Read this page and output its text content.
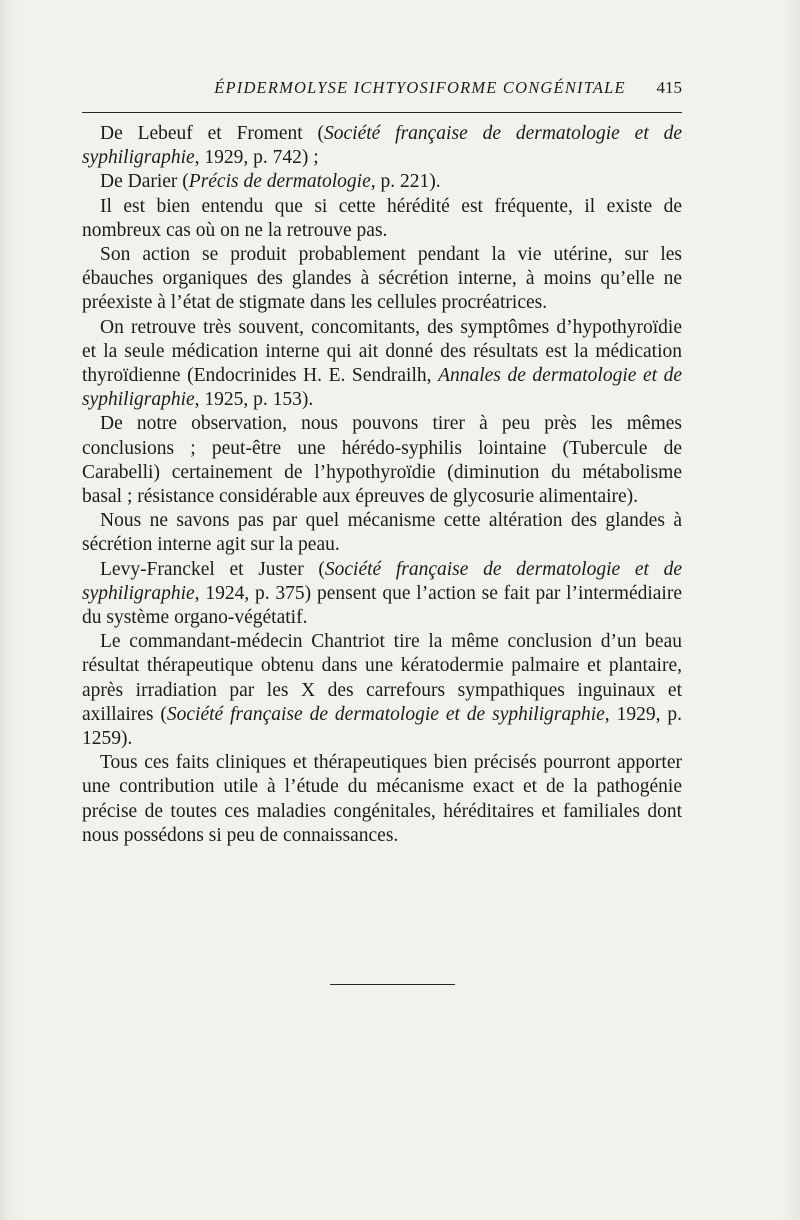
ÉPIDERMOLYSE ICHTYOSIFORME CONGÉNITALE	415

De Lebeuf et Froment (Société française de dermatologie et de syphiligraphie, 1929, p. 742) ;

De Darier (Précis de dermatologie, p. 221).

Il est bien entendu que si cette hérédité est fréquente, il existe de nombreux cas où on ne la retrouve pas.

Son action se produit probablement pendant la vie utérine, sur les ébauches organiques des glandes à sécrétion interne, à moins qu’elle ne préexiste à l’état de stigmate dans les cellules procréatrices.

On retrouve très souvent, concomitants, des symptômes d’hypothyroïdie et la seule médication interne qui ait donné des résultats est la médication thyroïdienne (Endocrinides H. E. Sendrailh, Annales de dermatologie et de syphiligraphie, 1925, p. 153).

De notre observation, nous pouvons tirer à peu près les mêmes conclusions ; peut-être une hérédo-syphilis lointaine (Tubercule de Carabelli) certainement de l’hypothyroïdie (diminution du métabolisme basal ; résistance considérable aux épreuves de glycosurie alimentaire).

Nous ne savons pas par quel mécanisme cette altération des glandes à sécrétion interne agit sur la peau.

Levy-Franckel et Juster (Société française de dermatologie et de syphiligraphie, 1924, p. 375) pensent que l’action se fait par l’intermédiaire du système organo-végétatif.

Le commandant-médecin Chantriot tire la même conclusion d’un beau résultat thérapeutique obtenu dans une kératodermie palmaire et plantaire, après irradiation par les X des carrefours sympathiques inguinaux et axillaires (Société française de dermatologie et de syphiligraphie, 1929, p. 1259).

Tous ces faits cliniques et thérapeutiques bien précisés pourront apporter une contribution utile à l’étude du mécanisme exact et de la pathogénie précise de toutes ces maladies congénitales, héréditaires et familiales dont nous possédons si peu de connaissances.
